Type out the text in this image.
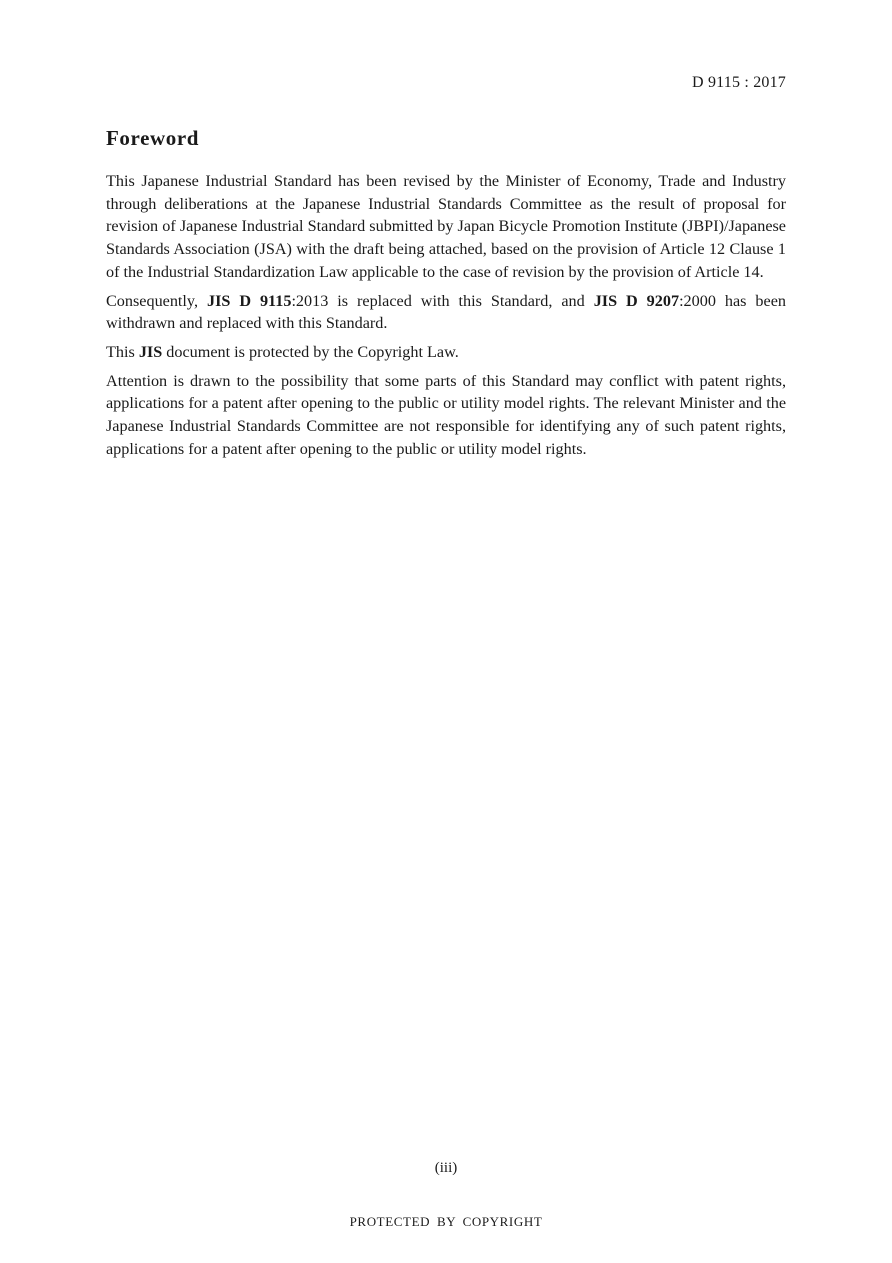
D 9115 : 2017
Foreword

This Japanese Industrial Standard has been revised by the Minister of Economy, Trade and Industry through deliberations at the Japanese Industrial Standards Committee as the result of proposal for revision of Japanese Industrial Standard submitted by Japan Bicycle Promotion Institute (JBPI)/Japanese Standards Association (JSA) with the draft being attached, based on the provision of Article 12 Clause 1 of the Industrial Standardization Law applicable to the case of revision by the provision of Article 14.

Consequently, JIS D 9115:2013 is replaced with this Standard, and JIS D 9207:2000 has been withdrawn and replaced with this Standard.

This JIS document is protected by the Copyright Law.

Attention is drawn to the possibility that some parts of this Standard may conflict with patent rights, applications for a patent after opening to the public or utility model rights. The relevant Minister and the Japanese Industrial Standards Committee are not responsible for identifying any of such patent rights, applications for a patent after opening to the public or utility model rights.

(iii)
PROTECTED BY COPYRIGHT
